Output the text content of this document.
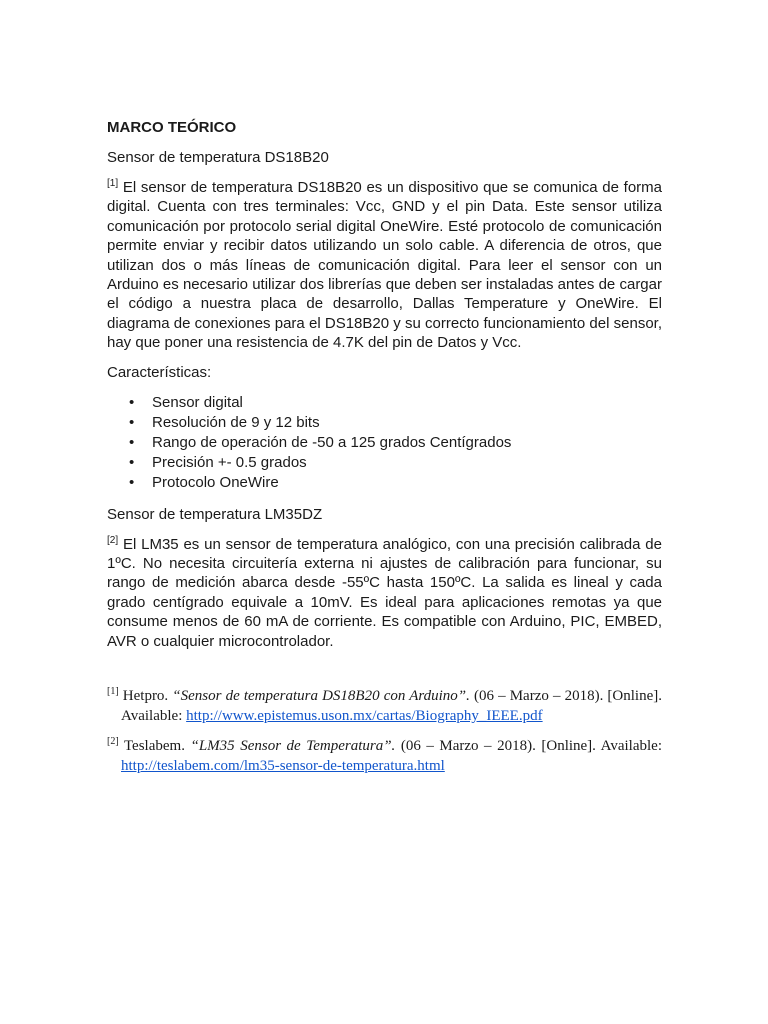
MARCO TEÓRICO
Sensor de temperatura DS18B20

[1] El sensor de temperatura DS18B20 es un dispositivo que se comunica de forma digital. Cuenta con tres terminales: Vcc, GND y el pin Data. Este sensor utiliza comunicación por protocolo serial digital OneWire. Esté protocolo de comunicación permite enviar y recibir datos utilizando un solo cable. A diferencia de otros, que utilizan dos o más líneas de comunicación digital. Para leer el sensor con un Arduino es necesario utilizar dos librerías que deben ser instaladas antes de cargar el código a nuestra placa de desarrollo, Dallas Temperature y OneWire. El diagrama de conexiones para el DS18B20 y su correcto funcionamiento del sensor, hay que poner una resistencia de 4.7K del pin de Datos y Vcc.

Características:
• Sensor digital
• Resolución de 9 y 12 bits
• Rango de operación de -50 a 125 grados Centígrados
• Precisión +- 0.5 grados
• Protocolo OneWire
Sensor de temperatura LM35DZ

[2] El LM35 es un sensor de temperatura analógico, con una precisión calibrada de 1ºC. No necesita circuitería externa ni ajustes de calibración para funcionar, su rango de medición abarca desde -55ºC hasta 150ºC. La salida es lineal y cada grado centígrado equivale a 10mV. Es ideal para aplicaciones remotas ya que consume menos de 60 mA de corriente. Es compatible con Arduino, PIC, EMBED, AVR o cualquier microcontrolador.

[1] Hetpro. “Sensor de temperatura DS18B20 con Arduino”. (06 – Marzo – 2018). [Online]. Available: http://www.epistemus.uson.mx/cartas/Biography_IEEE.pdf

[2] Teslabem. “LM35 Sensor de Temperatura”. (06 – Marzo – 2018). [Online]. Available: http://teslabem.com/lm35-sensor-de-temperatura.html
